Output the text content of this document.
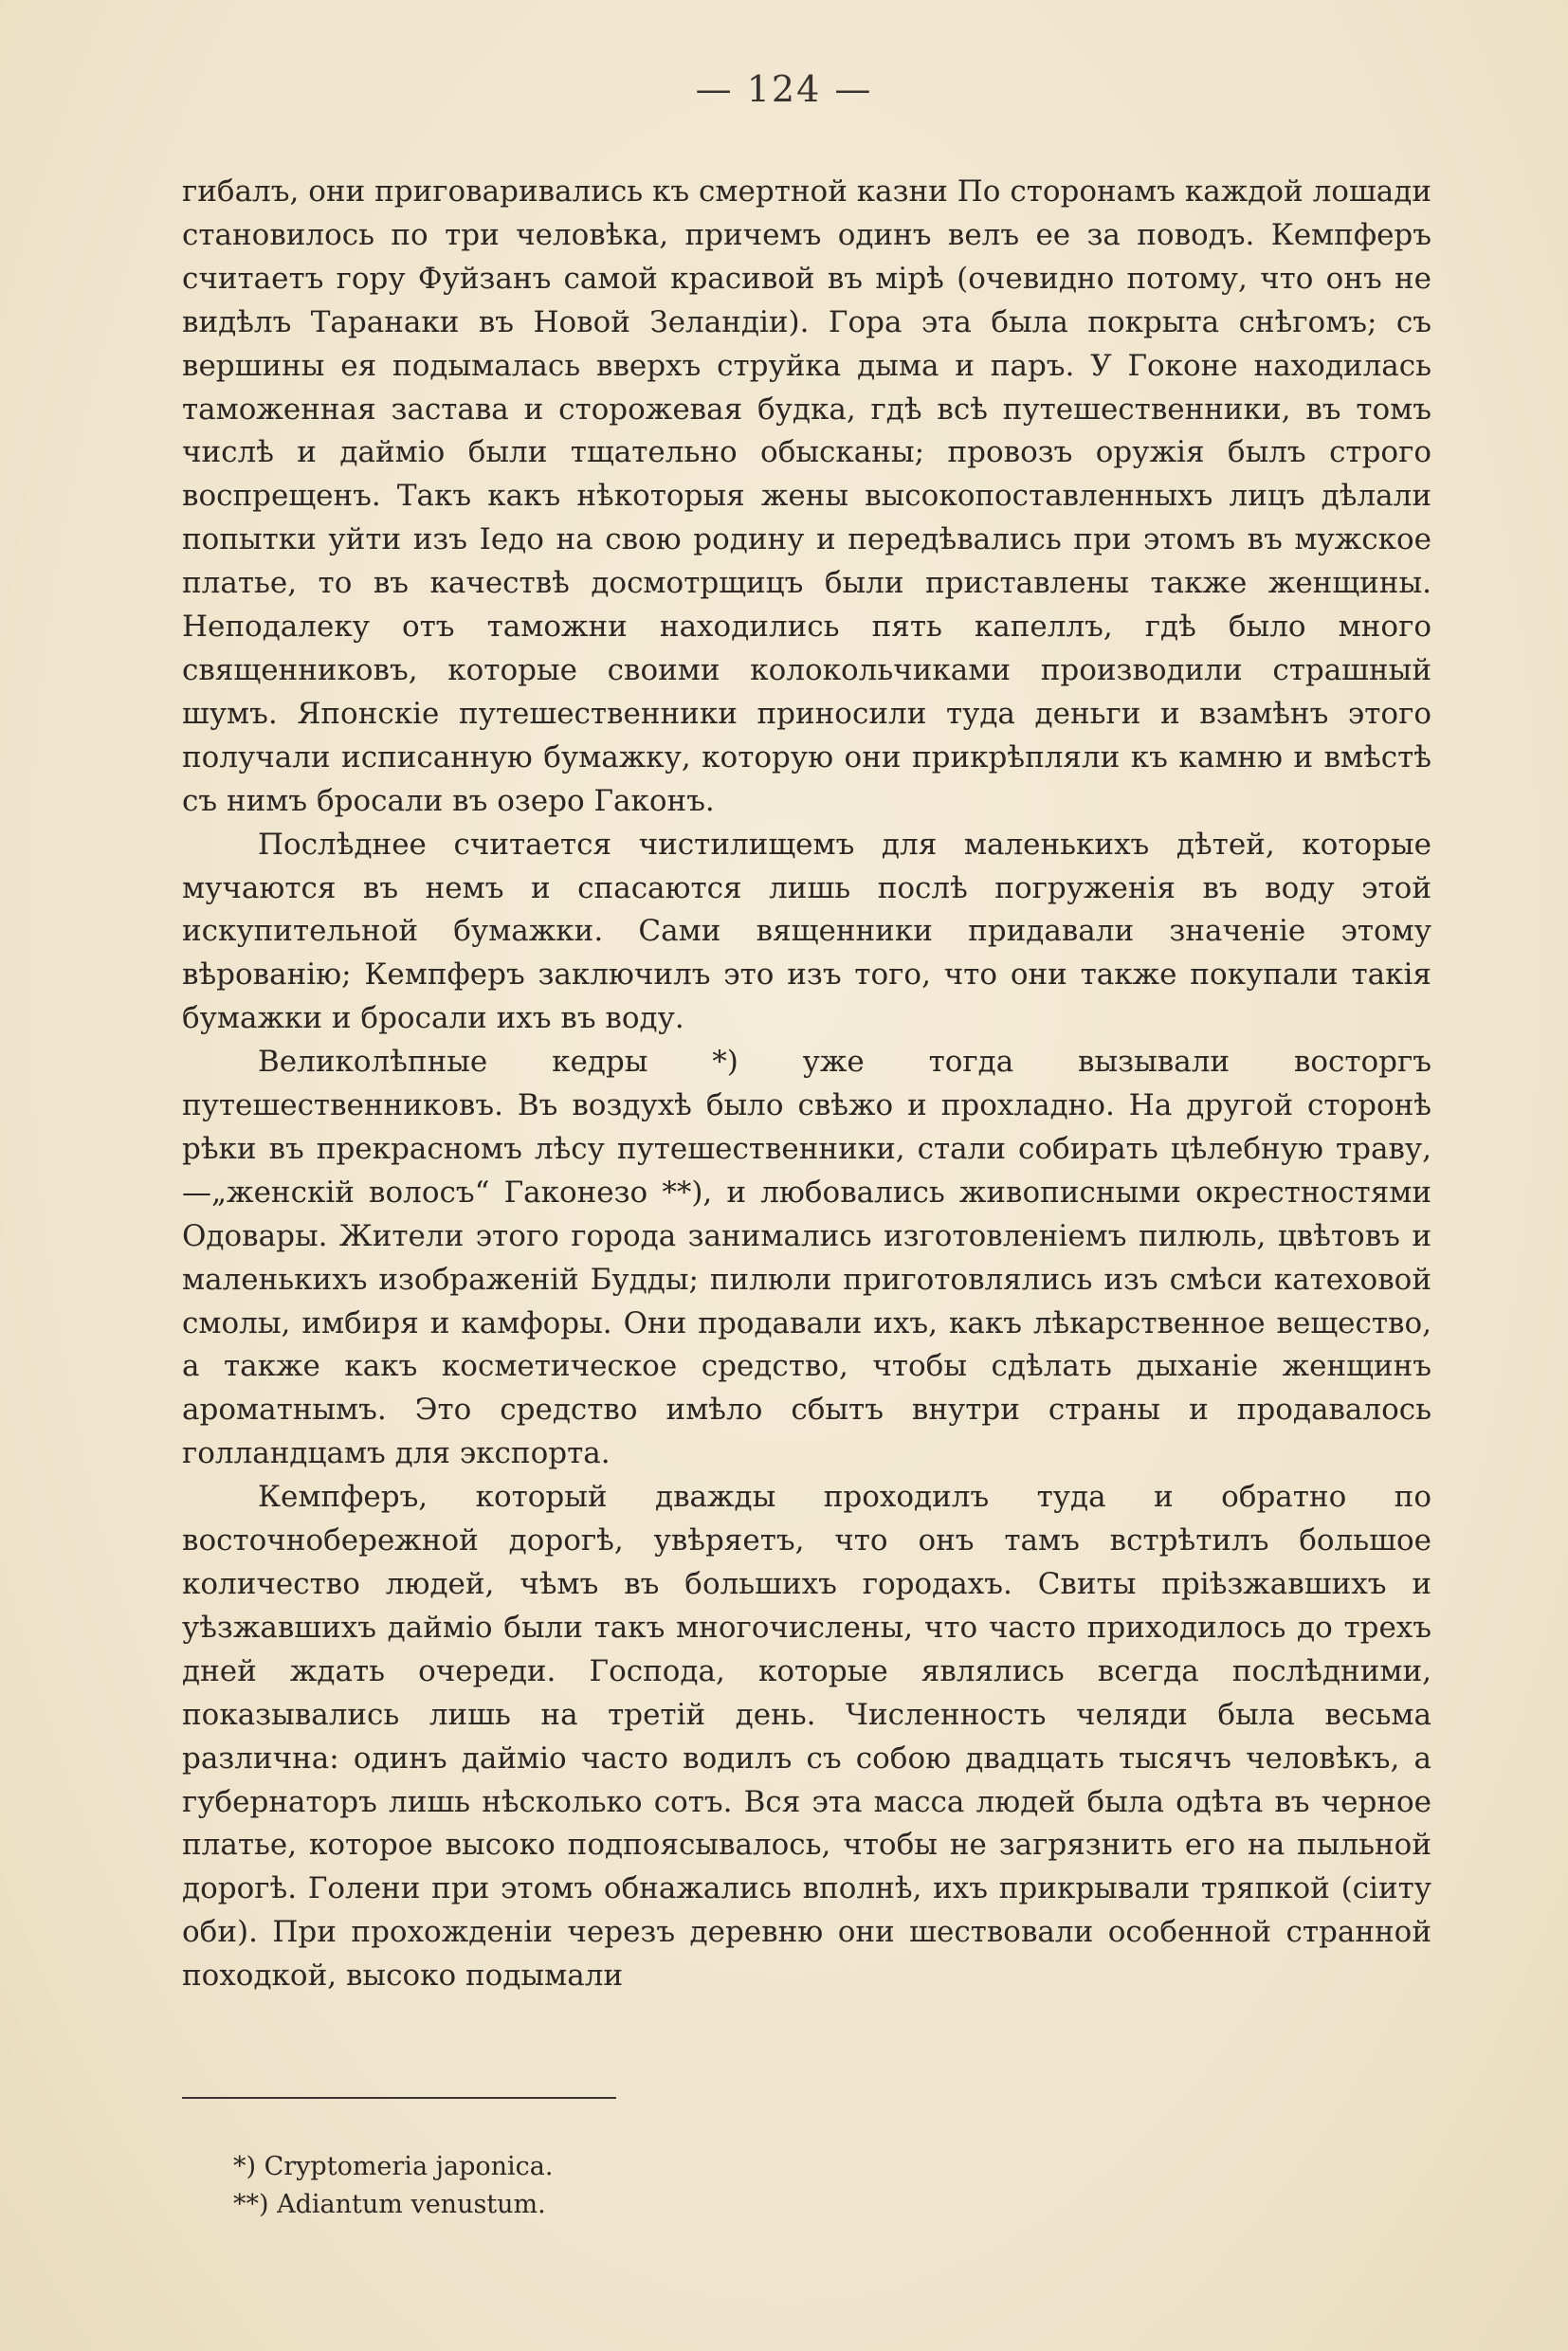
— 124 —

гибалъ, они приговаривались къ смертной казни По сторонамъ каждой лошади становилось по три человѣка, причемъ одинъ велъ ее за поводъ. Кемпферъ считаетъ гору Фуйзанъ самой красивой въ мірѣ (очевидно потому, что онъ не видѣлъ Таранаки въ Новой Зеландіи). Гора эта была покрыта снѣгомъ; съ вершины ея подымалась вверхъ струйка дыма и паръ. У Гоконе находилась таможенная застава и сторожевая будка, гдѣ всѣ путешественники, въ томъ числѣ и дайміо были тщательно обысканы; провозъ оружія былъ строго воспрещенъ. Такъ какъ нѣкоторыя жены высокопоставленныхъ лицъ дѣлали попытки уйти изъ Іедо на свою родину и передѣвались при этомъ въ мужское платье, то въ качествѣ досмотрщицъ были приставлены также женщины. Неподалеку отъ таможни находились пять капеллъ, гдѣ было много священниковъ, которые своими колокольчиками производили страшный шумъ. Японскіе путешественники приносили туда деньги и взамѣнъ этого получали исписанную бумажку, которую они прикрѣпляли къ камню и вмѣстѣ съ нимъ бросали въ озеро Гаконъ.

Послѣднее считается чистилищемъ для маленькихъ дѣтей, которые мучаются въ немъ и спасаются лишь послѣ погруженія въ воду этой искупительной бумажки. Сами вященники придавали значеніе этому вѣрованію; Кемпферъ заключилъ это изъ того, что они также покупали такія бумажки и бросали ихъ въ воду.

Великолѣпные кедры *) уже тогда вызывали восторгъ путешественниковъ. Въ воздухѣ было свѣжо и прохладно. На другой сторонѣ рѣки въ прекрасномъ лѣсу путешественники, стали собирать цѣлебную траву,—„женскій волосъ“ Гаконезо **), и любовались живописными окрестностями Одовары. Жители этого города занимались изготовленіемъ пилюль, цвѣтовъ и маленькихъ изображеній Будды; пилюли приготовлялись изъ смѣси катеховой смолы, имбиря и камфоры. Они продавали ихъ, какъ лѣкарственное вещество, а также какъ косметическое средство, чтобы сдѣлать дыханіе женщинъ ароматнымъ. Это средство имѣло сбытъ внутри страны и продавалось голландцамъ для экспорта.

Кемпферъ, который дважды проходилъ туда и обратно по восточнобережной дорогѣ, увѣряетъ, что онъ тамъ встрѣтилъ большое количество людей, чѣмъ въ большихъ городахъ. Свиты пріѣзжавшихъ и уѣзжавшихъ дайміо были такъ многочислены, что часто приходилось до трехъ дней ждать очереди. Господа, которые являлись всегда послѣдними, показывались лишь на третій день. Численность челяди была весьма различна: одинъ дайміо часто водилъ съ собою двадцать тысячъ человѣкъ, а губернаторъ лишь нѣсколько сотъ. Вся эта масса людей была одѣта въ черное платье, которое высоко подпоясывалось, чтобы не загрязнить его на пыльной дорогѣ. Голени при этомъ обнажались вполнѣ, ихъ прикрывали тряпкой (сіиту оби). При прохожденіи черезъ деревню они шествовали особенной странной походкой, высоко подымали

*) Cryptomeria japonica.
**) Adiantum venustum.
